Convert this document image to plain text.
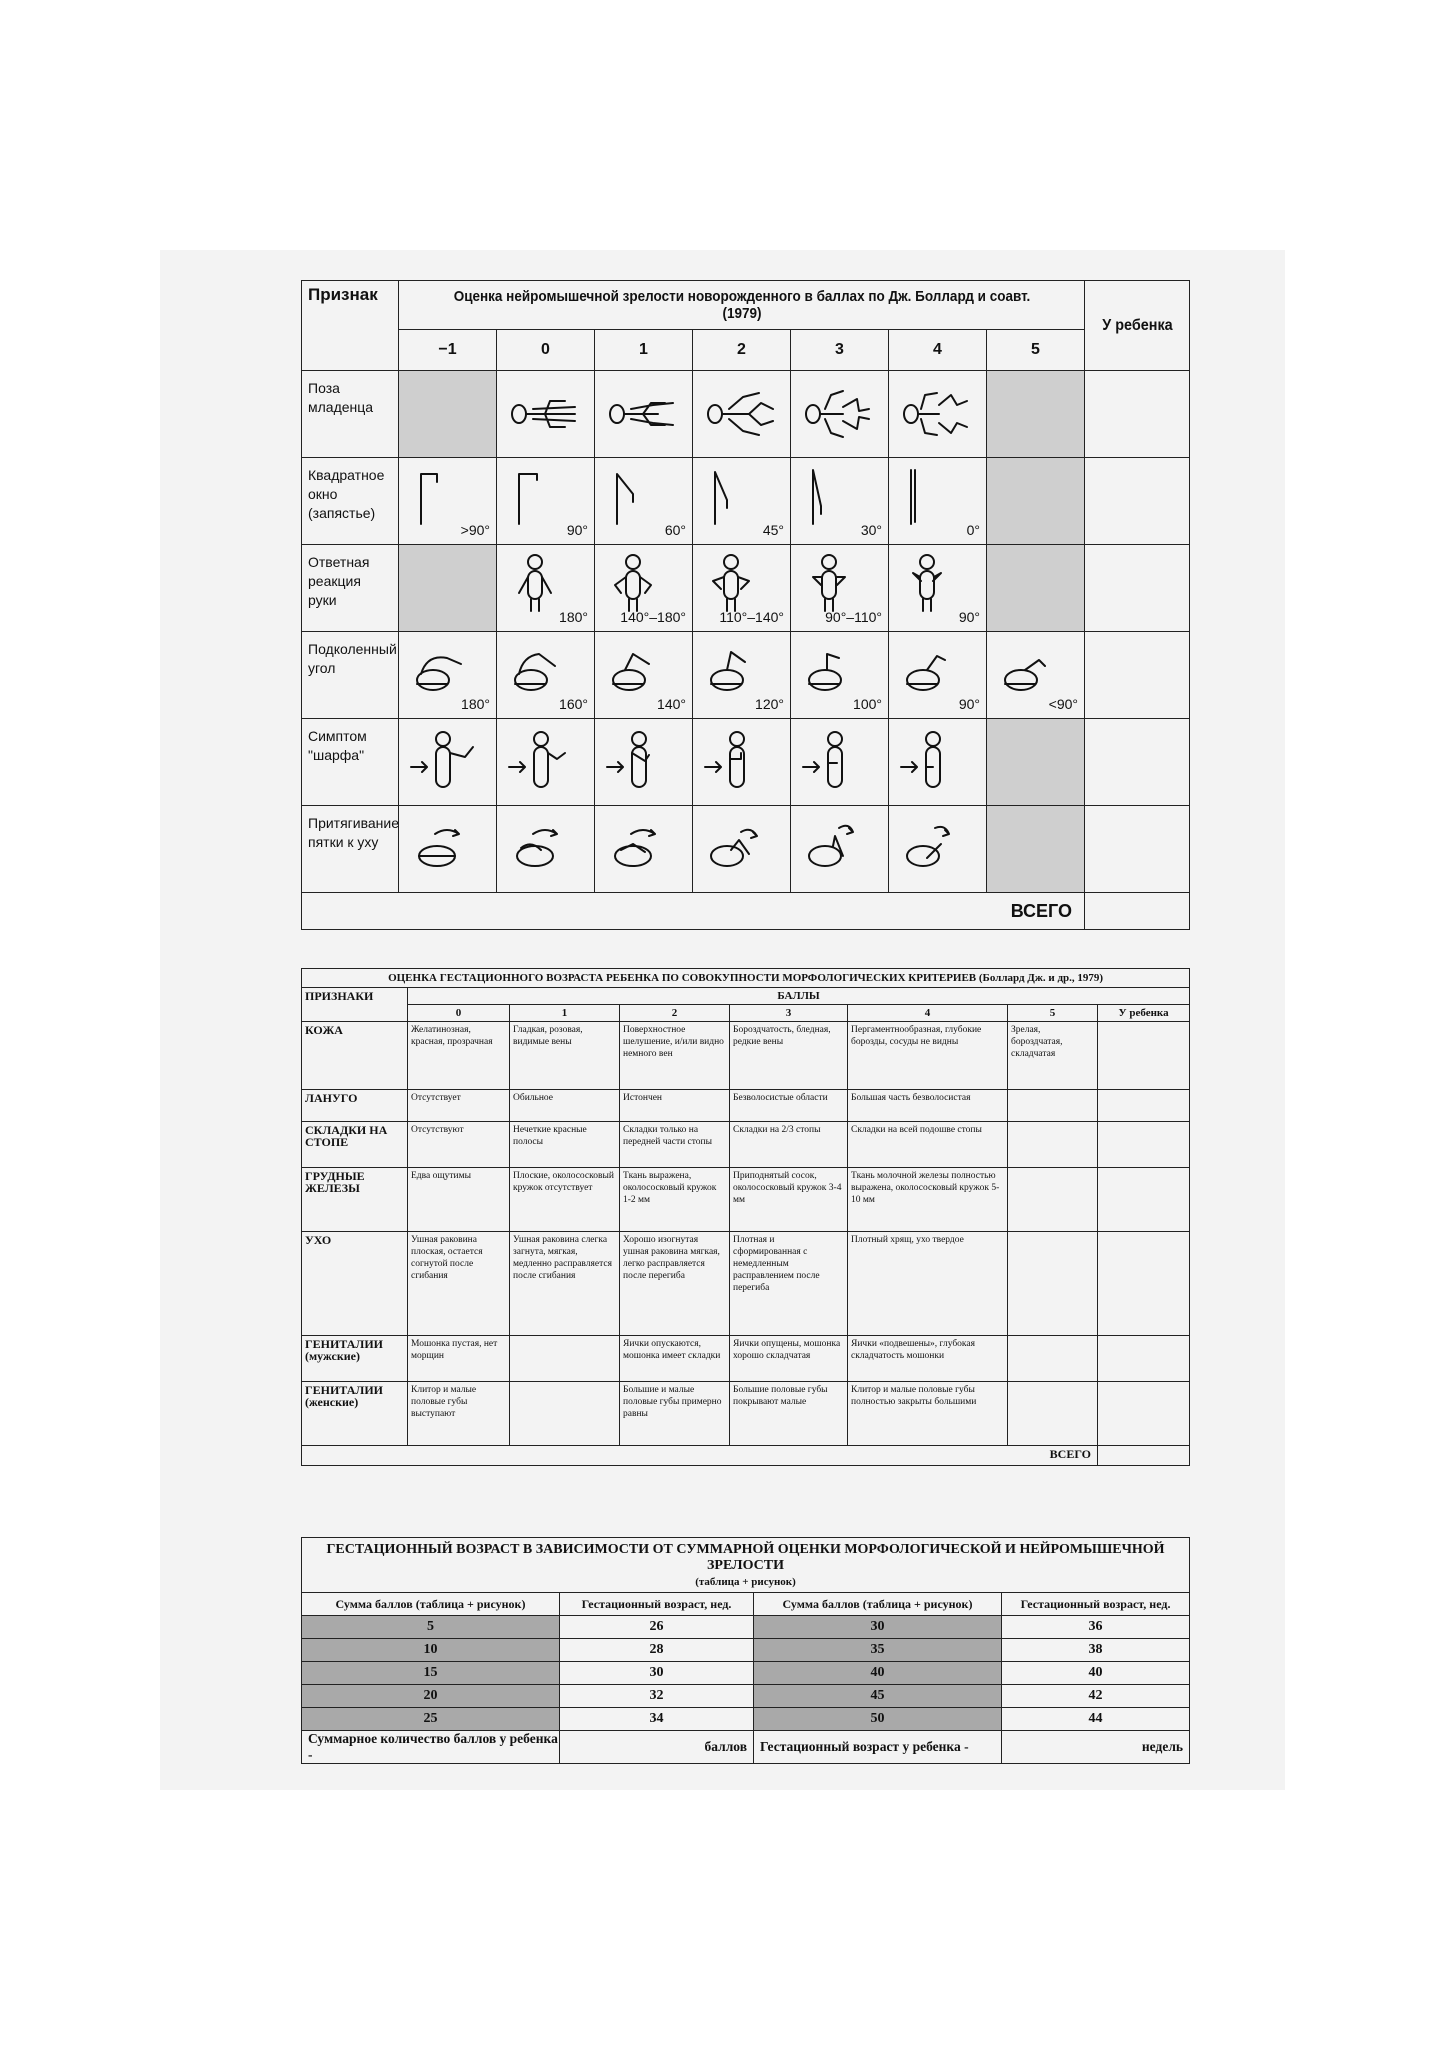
Признак	Оценка нейромышечной зрелости новорожденного в баллах по Дж. Боллард и соавт. (1979)							У ребенка
	−1	0	1	2	3	4	5	
Поза младенца		

Квадратное окно (запястье)	>90°	90°	60°	45°	30°	0°		

Ответная реакция руки		180°	140°–180°	110°–140°	90°–110°	90°		

Подколенный угол	180°	160°	140°	120°	100°	90°	<90°	

Симптом "шарфа"	

Притягивание пятки к уху	

ВСЕГО								
ОЦЕНКА ГЕСТАЦИОННОГО ВОЗРАСТА РЕБЕНКА ПО СОВОКУПНОСТИ МОРФОЛОГИЧЕСКИХ КРИТЕРИЕВ (Боллард Дж. и др., 1979)							
ПРИЗНАКИ	БАЛЛЫ						
	0	1	2	3	4	5	У ребенка
КОЖА	Желатинозная, красная, прозрачная	Гладкая, розовая, видимые вены	Поверхностное шелушение, и/или видно немного вен	Бороздчатость, бледная, редкие вены	Пергаментнообразная, глубокие борозды, сосуды не видны	Зрелая, бороздчатая, складчатая	
ЛАНУГО	Отсутствует	Обильное	Истончен	Безволосистые области	Большая часть безволосистая		
СКЛАДКИ НА СТОПЕ	Отсутствуют	Нечеткие красные полосы	Складки только на передней части стопы	Складки на 2/3 стопы	Складки на всей подошве стопы		
ГРУДНЫЕ ЖЕЛЕЗЫ	Едва ощутимы	Плоские, околососковый кружок отсутствует	Ткань выражена, околососковый кружок 1-2 мм	Приподнятый сосок, околососковый кружок 3-4 мм	Ткань молочной железы полностью выражена, околососковый кружок 5-10 мм		
УХО	Ушная раковина плоская, остается согнутой после сгибания	Ушная раковина слегка загнута, мягкая, медленно расправляется после сгибания	Хорошо изогнутая ушная раковина мягкая, легко расправляется после перегиба	Плотная и сформированная с немедленным расправлением после перегиба	Плотный хрящ, ухо твердое		
ГЕНИТАЛИИ (мужские)	Мошонка пустая, нет морщин		Яички опускаются, мошонка имеет складки	Яички опущены, мошонка хорошо складчатая	Яички «подвешены», глубокая складчатость мошонки		
ГЕНИТАЛИИ (женские)	Клитор и малые половые губы выступают		Большие и малые половые губы примерно равны	Большие половые губы покрывают малые	Клитор и малые половые губы полностью закрыты большими		
ВСЕГО							
ГЕСТАЦИОННЫЙ ВОЗРАСТ В ЗАВИСИМОСТИ ОТ СУММАРНОЙ ОЦЕНКИ МОРФОЛОГИЧЕСКОЙ И НЕЙРОМЫШЕЧНОЙ ЗРЕЛОСТИ
(таблица + рисунок)			

Сумма баллов (таблица + рисунок)	Гестационный возраст, нед.	Сумма баллов (таблица + рисунок)	Гестационный возраст, нед.
5	26	30	36
10	28	35	38
15	30	40	40
20	32	45	42
25	34	50	44
Суммарное количество баллов у ребенка -	баллов	Гестационный возраст у ребенка -	недель
